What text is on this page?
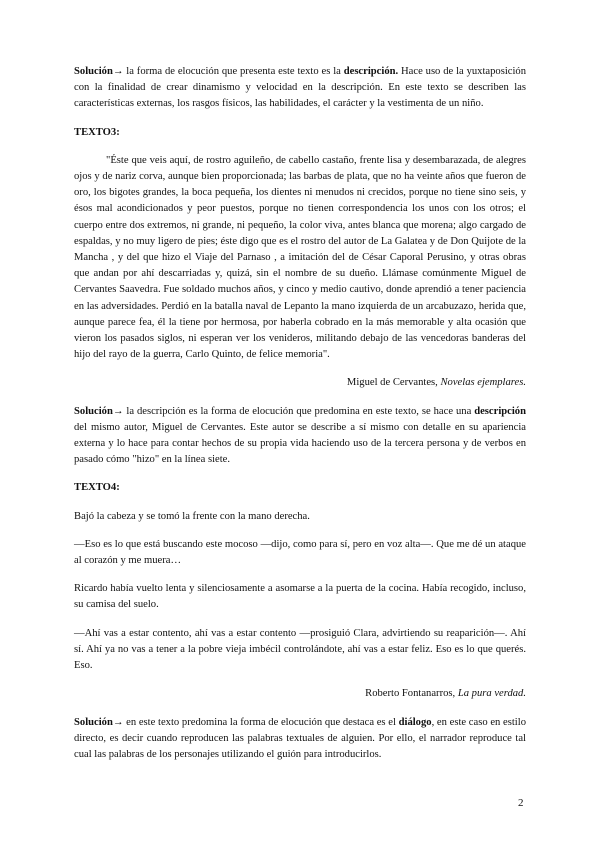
Solución→ la forma de elocución que presenta este texto es la descripción. Hace uso de la yuxtaposición con la finalidad de crear dinamismo y velocidad en la descripción. En este texto se describen las características externas, los rasgos físicos, las habilidades, el carácter y la vestimenta de un niño.

TEXTO3:

"Éste que veis aquí, de rostro aguileño, de cabello castaño, frente lisa y desembarazada, de alegres ojos y de nariz corva, aunque bien proporcionada; las barbas de plata, que no ha veinte años que fueron de oro, los bigotes grandes, la boca pequeña, los dientes ni menudos ni crecidos, porque no tiene sino seis, y ésos mal acondicionados y peor puestos, porque no tienen correspondencia los unos con los otros; el cuerpo entre dos extremos, ni grande, ni pequeño, la color viva, antes blanca que morena; algo cargado de espaldas, y no muy ligero de pies; éste digo que es el rostro del autor de La Galatea y de Don Quijote de la Mancha , y del que hizo el Viaje del Parnaso , a imitación del de César Caporal Perusino, y otras obras que andan por ahí descarriadas y, quizá, sin el nombre de su dueño. Llámase comúnmente Miguel de Cervantes Saavedra. Fue soldado muchos años, y cinco y medio cautivo, donde aprendió a tener paciencia en las adversidades. Perdió en la batalla naval de Lepanto la mano izquierda de un arcabuzazo, herida que, aunque parece fea, él la tiene por hermosa, por haberla cobrado en la más memorable y alta ocasión que vieron los pasados siglos, ni esperan ver los venideros, militando debajo de las vencedoras banderas del hijo del rayo de la guerra, Carlo Quinto, de felice memoria".

Miguel de Cervantes, Novelas ejemplares.

Solución→ la descripción es la forma de elocución que predomina en este texto, se hace una descripción del mismo autor, Miguel de Cervantes. Este autor se describe a sí mismo con detalle en su apariencia externa y lo hace para contar hechos de su propia vida haciendo uso de la tercera persona y de verbos en pasado cómo "hizo" en la línea siete.

TEXTO4:

Bajó la cabeza y se tomó la frente con la mano derecha.

—Eso es lo que está buscando este mocoso —dijo, como para sí, pero en voz alta—. Que me dé un ataque al corazón y me muera…

Ricardo había vuelto lenta y silenciosamente a asomarse a la puerta de la cocina. Había recogido, incluso, su camisa del suelo.

—Ahí vas a estar contento, ahí vas a estar contento —prosiguió Clara, advirtiendo su reaparición—. Ahí sí. Ahí ya no vas a tener a la pobre vieja imbécil controlándote, ahí vas a estar feliz. Eso es lo que querés. Eso.

Roberto Fontanarros, La pura verdad.

Solución→ en este texto predomina la forma de elocución que destaca es el diálogo, en este caso en estilo directo, es decir cuando reproducen las palabras textuales de alguien. Por ello, el narrador reproduce tal cual las palabras de los personajes utilizando el guión para introducirlos.

2
